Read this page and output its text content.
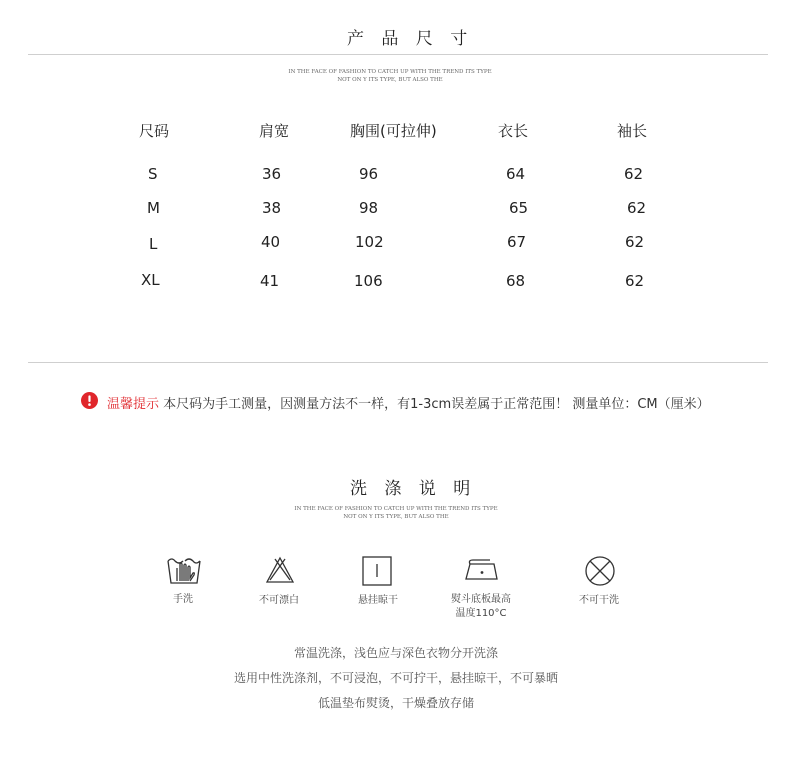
产 品 尺 寸
IN THE FACE OF FASHION TO CATCH UP WITH THE TREND ITS TYPE
NOT ON Y ITS TYPE, BUT ALSO THE
尺码	肩宽	胸围(可拉伸)	衣长	袖长
S	36	96	64	62
M	38	98	65	62
L	40	102	67	62
XL	41	106	68	62
温馨提示 本尺码为手工测量，因测量方法不一样，有1-3cm误差属于正常范围！ 测量单位：CM（厘米）
洗 涤 说 明
IN THE FACE OF FASHION TO CATCH UP WITH THE TREND ITS TYPE
NOT ON Y ITS TYPE, BUT ALSO THE
手洗	不可漂白	悬挂晾干	熨斗底板最高
温度110°C
不可干洗
常温洗涤，浅色应与深色衣物分开洗涤
选用中性洗涤剂，不可浸泡，不可拧干，悬挂晾干，不可暴晒
低温垫布熨烫，干燥叠放存储
